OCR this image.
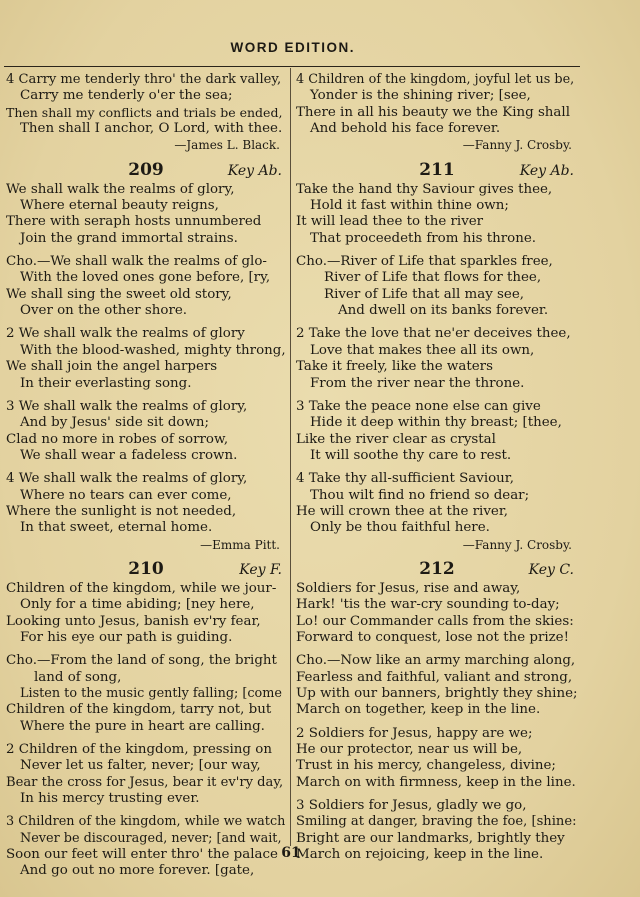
WORD EDITION.
4 Carry me tenderly thro' the dark valley,
Carry me tenderly o'er the sea;
Then shall my conflicts and trials be ended,
Then shall I anchor, O Lord, with thee.
—James L. Black.
209	Key Ab.
We shall walk the realms of glory,
Where eternal beauty reigns,
There with seraph hosts unnumbered
Join the grand immortal strains.
Cho.—We shall walk the realms of glo-
With the loved ones gone before, [ry,
We shall sing the sweet old story,
Over on the other shore.
2 We shall walk the realms of glory
With the blood-washed, mighty throng,
We shall join the angel harpers
In their everlasting song.
3 We shall walk the realms of glory,
And by Jesus' side sit down;
Clad no more in robes of sorrow,
We shall wear a fadeless crown.
4 We shall walk the realms of glory,
Where no tears can ever come,
Where the sunlight is not needed,
In that sweet, eternal home.
—Emma Pitt.
210	Key F.
Children of the kingdom, while we jour-
Only for a time abiding; [ney here,
Looking unto Jesus, banish ev'ry fear,
For his eye our path is guiding.
Cho.—From the land of song, the bright
land of song,
Listen to the music gently falling; [come
Children of the kingdom, tarry not, but
Where the pure in heart are calling.
2 Children of the kingdom, pressing on
Never let us falter, never; [our way,
Bear the cross for Jesus, bear it ev'ry day,
In his mercy trusting ever.
3 Children of the kingdom, while we watch
Never be discouraged, never; [and wait,
Soon our feet will enter thro' the palace
And go out no more forever. [gate,
4 Children of the kingdom, joyful let us be,
Yonder is the shining river; [see,
There in all his beauty we the King shall
And behold his face forever.
—Fanny J. Crosby.
211	Key Ab.
Take the hand thy Saviour gives thee,
Hold it fast within thine own;
It will lead thee to the river
That proceedeth from his throne.
Cho.—River of Life that sparkles free,
River of Life that flows for thee,
River of Life that all may see,
And dwell on its banks forever.
2 Take the love that ne'er deceives thee,
Love that makes thee all its own,
Take it freely, like the waters
From the river near the throne.
3 Take the peace none else can give
Hide it deep within thy breast; [thee,
Like the river clear as crystal
It will soothe thy care to rest.
4 Take thy all-sufficient Saviour,
Thou wilt find no friend so dear;
He will crown thee at the river,
Only be thou faithful here.
—Fanny J. Crosby.
212	Key C.
Soldiers for Jesus, rise and away,
Hark! 'tis the war-cry sounding to-day;
Lo! our Commander calls from the skies:
Forward to conquest, lose not the prize!
Cho.—Now like an army marching along,
Fearless and faithful, valiant and strong,
Up with our banners, brightly they shine;
March on together, keep in the line.
2 Soldiers for Jesus, happy are we;
He our protector, near us will be,
Trust in his mercy, changeless, divine;
March on with firmness, keep in the line.
3 Soldiers for Jesus, gladly we go,
Smiling at danger, braving the foe, [shine:
Bright are our landmarks, brightly they
March on rejoicing, keep in the line.
61
